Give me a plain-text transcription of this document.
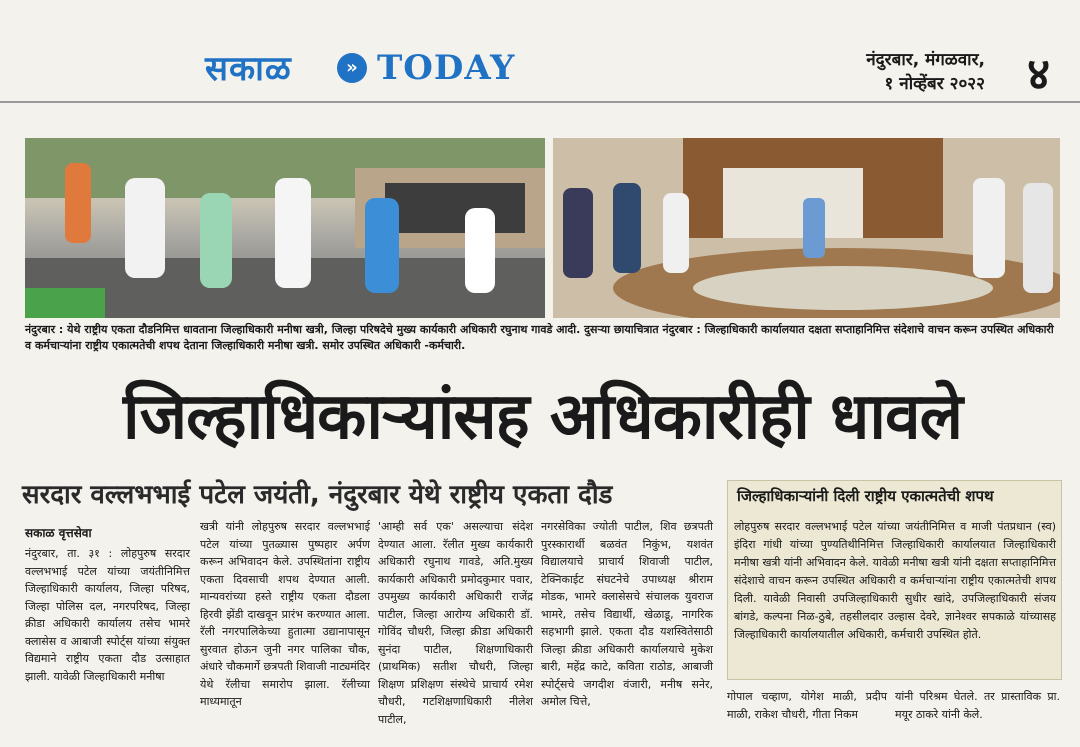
सकाळ	» TODAY	नंदुरबार, मंगळवार,
१ नोव्हेंबर २०२२ ४
नंदुरबार : येथे राष्ट्रीय एकता दौडनिमित्त धावताना जिल्हाधिकारी मनीषा खत्री, जिल्हा परिषदेचे मुख्य कार्यकारी अधिकारी रघुनाथ गावडे आदी. दुसऱ्या छायाचित्रात नंदुरबार : जिल्हाधिकारी कार्यालयात दक्षता सप्ताहानिमित्त संदेशाचे वाचन करून उपस्थित अधिकारी व कर्मचाऱ्यांना राष्ट्रीय एकात्मतेची शपथ देताना जिल्हाधिकारी मनीषा खत्री. समोर उपस्थित अधिकारी -कर्मचारी.
जिल्हाधिकाऱ्यांसह अधिकारीही धावले
सरदार वल्लभभाई पटेल जयंती, नंदुरबार येथे राष्ट्रीय एकता दौड
सकाळ वृत्तसेवा
नंदुरबार, ता. ३१ : लोहपुरुष सरदार वल्लभभाई पटेल यांच्या जयंतीनिमित्त जिल्हाधिकारी कार्यालय, जिल्हा परिषद, जिल्हा पोलिस दल, नगरपरिषद, जिल्हा क्रीडा अधिकारी कार्यालय तसेच भामरे क्लासेस व आबाजी स्पोर्ट्स यांच्या संयुक्त विद्यमाने राष्ट्रीय एकता दौड उत्साहात झाली. यावेळी जिल्हाधिकारी मनीषा
खत्री यांनी लोहपुरुष सरदार वल्लभभाई पटेल यांच्या पुतळ्यास पुष्पहार अर्पण करून अभिवादन केले. उपस्थितांना राष्ट्रीय एकता दिवसाची शपथ देण्यात आली. मान्यवरांच्या हस्ते राष्ट्रीय एकता दौडला हिरवी झेंडी दाखवून प्रारंभ करण्यात आला. रॅली नगरपालिकेच्या हुतात्मा उद्यानापासून सुरवात होऊन जुनी नगर पालिका चौक, अंधारे चौकमार्गे छत्रपती शिवाजी नाट्यमंदिर येथे रॅलीचा समारोप झाला. रॅलीच्या माध्यमातून
'आम्ही सर्व एक' असल्याचा संदेश देण्यात आला. रॅलीत मुख्य कार्यकारी अधिकारी रघुनाथ गावडे, अति.मुख्य कार्यकारी अधिकारी प्रमोदकुमार पवार, उपमुख्य कार्यकारी अधिकारी राजेंद्र पाटील, जिल्हा आरोग्य अधिकारी डॉ. गोविंद चौधरी, जिल्हा क्रीडा अधिकारी सुनंदा पाटील, शिक्षणाधिकारी (प्राथमिक) सतीश चौधरी, जिल्हा शिक्षण प्रशिक्षण संस्थेचे प्राचार्य रमेश चौधरी, गटशिक्षणाधिकारी नीलेश पाटील,
नगरसेविका ज्योती पाटील, शिव छत्रपती पुरस्कारार्थी बळवंत निकुंभ, यशवंत विद्यालयाचे प्राचार्य शिवाजी पाटील, टेक्निकाईट संघटनेचे उपाध्यक्ष श्रीराम मोडक, भामरे क्लासेसचे संचालक युवराज भामरे, तसेच विद्यार्थी, खेळाडू, नागरिक सहभागी झाले. एकता दौड यशस्वितेसाठी जिल्हा क्रीडा अधिकारी कार्यालयाचे मुकेश बारी, महेंद्र काटे, कविता राठोड, आबाजी स्पोर्ट्सचे जगदीश वंजारी, मनीष सनेर, अमोल चित्ते,
जिल्हाधिकाऱ्यांनी दिली राष्ट्रीय एकात्मतेची शपथ
लोहपुरुष सरदार वल्लभभाई पटेल यांच्या जयंतीनिमित्त व माजी पंतप्रधान (स्व) इंदिरा गांधी यांच्या पुण्यतिथीनिमित्त जिल्हाधिकारी कार्यालयात जिल्हाधिकारी मनीषा खत्री यांनी अभिवादन केले. यावेळी मनीषा खत्री यांनी दक्षता सप्ताहानिमित्त संदेशाचे वाचन करून उपस्थित अधिकारी व कर्मचाऱ्यांना राष्ट्रीय एकात्मतेची शपथ दिली. यावेळी निवासी उपजिल्हाधिकारी सुधीर खांदे, उपजिल्हाधिकारी संजय बांगडे, कल्पना निळ-ठुबे, तहसीलदार उल्हास देवरे, ज्ञानेश्वर सपकाळे यांच्यासह जिल्हाधिकारी कार्यालयातील अधिकारी, कर्मचारी उपस्थित होते.
गोपाल चव्हाण, योगेश माळी, प्रदीप माळी, राकेश चौधरी, गीता निकम
यांनी परिश्रम घेतले. तर प्रास्ताविक प्रा. मयूर ठाकरे यांनी केले.
